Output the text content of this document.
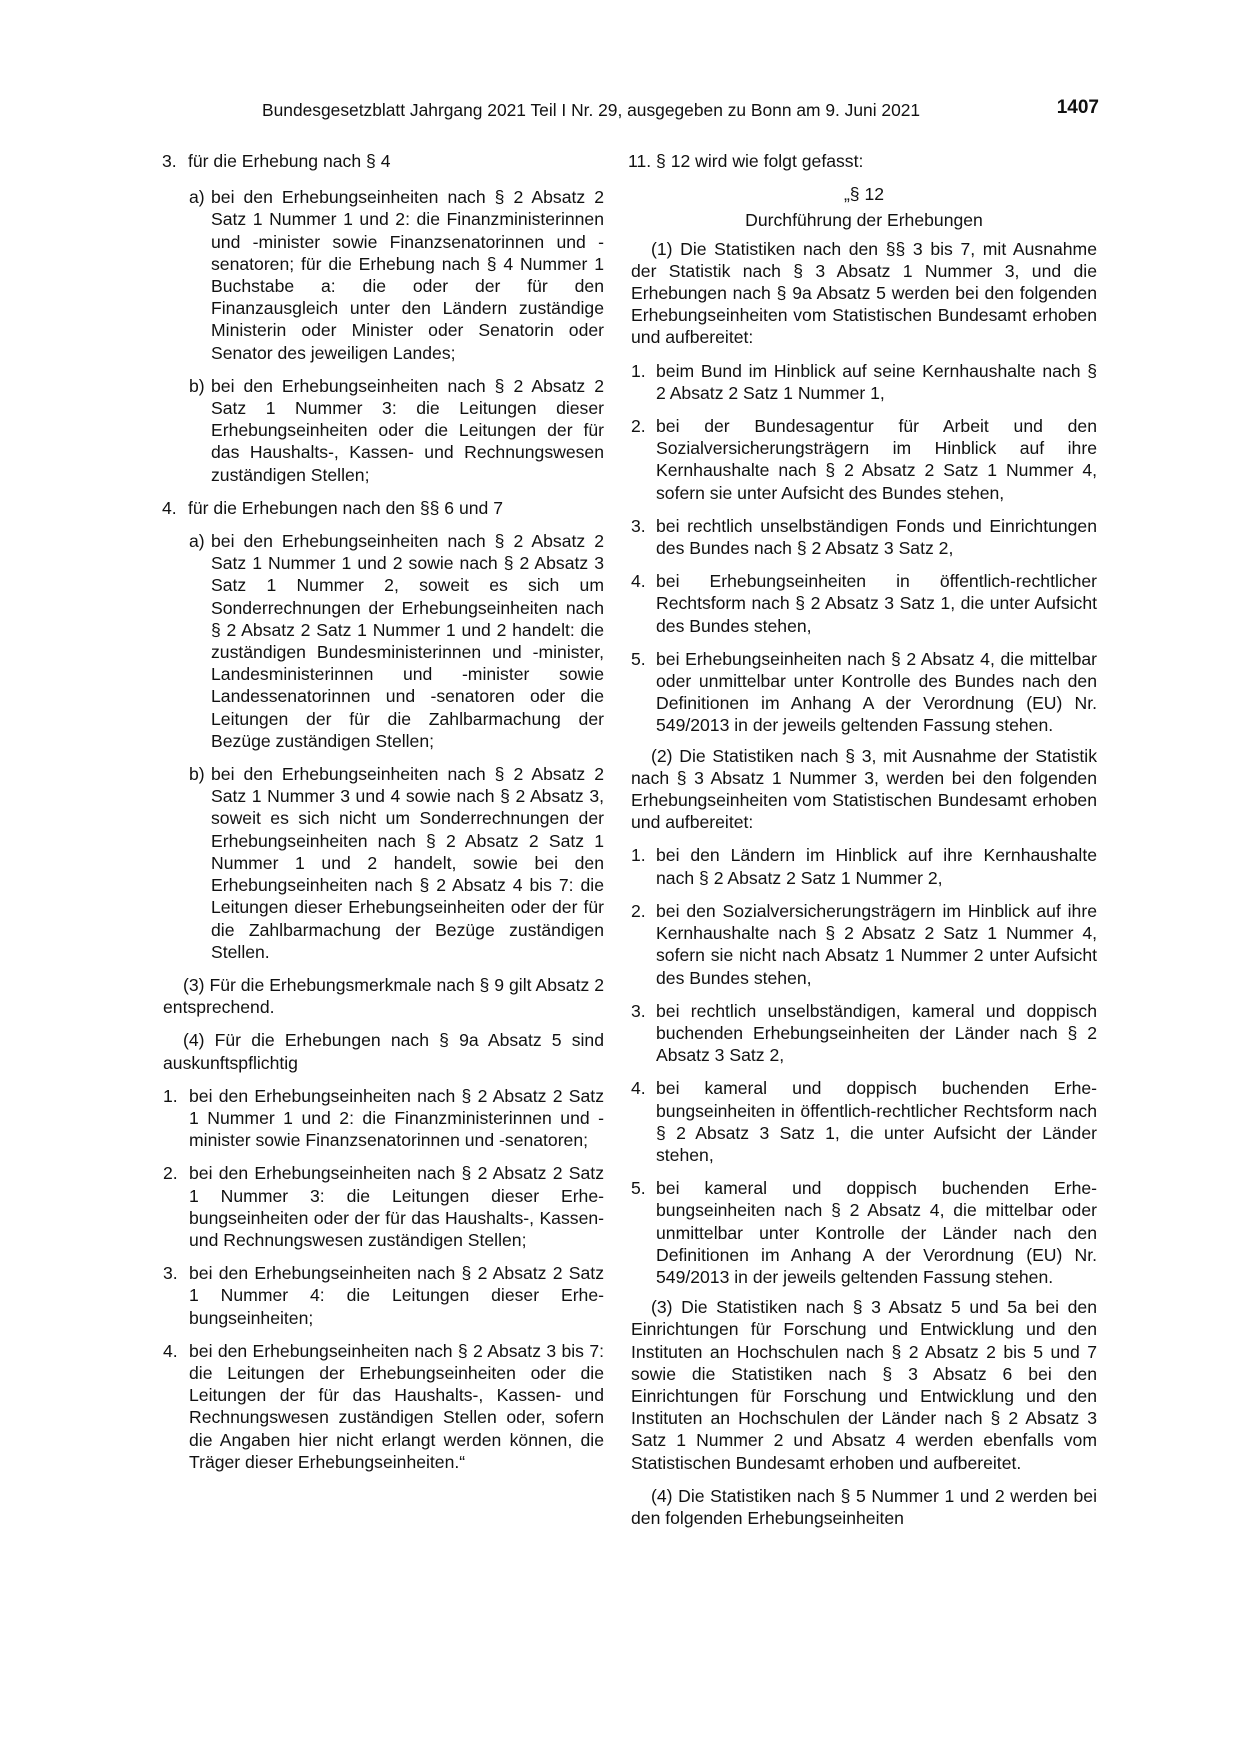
Bundesgesetzblatt Jahrgang 2021 Teil I Nr. 29, ausgegeben zu Bonn am 9. Juni 2021	1407
3. für die Erhebung nach § 4
a) bei den Erhebungseinheiten nach § 2 Absatz 2 Satz 1 Nummer 1 und 2: die Finanzministerinnen und -minister sowie Finanzsenatorinnen und -senatoren; für die Erhebung nach § 4 Nummer 1 Buchstabe a: die oder der für den Finanzausgleich unter den Ländern zuständige Ministerin oder Minister oder Senatorin oder Senator des jeweiligen Landes;
b) bei den Erhebungseinheiten nach § 2 Absatz 2 Satz 1 Nummer 3: die Leitungen dieser Erhebungseinheiten oder die Leitungen der für das Haushalts-, Kassen- und Rechnungswesen zuständigen Stellen;
4. für die Erhebungen nach den §§ 6 und 7
a) bei den Erhebungseinheiten nach § 2 Absatz 2 Satz 1 Nummer 1 und 2 sowie nach § 2 Absatz 3 Satz 1 Nummer 2, soweit es sich um Sonderrechnungen der Erhebungseinheiten nach § 2 Absatz 2 Satz 1 Nummer 1 und 2 handelt: die zuständigen Bundesministerinnen und -minister, Landesministerinnen und -minister sowie Landessenatorinnen und -senatoren oder die Leitungen der für die Zahlbarmachung der Bezüge zuständigen Stellen;
b) bei den Erhebungseinheiten nach § 2 Absatz 2 Satz 1 Nummer 3 und 4 sowie nach § 2 Absatz 3, soweit es sich nicht um Sonderrechnungen der Erhebungseinheiten nach § 2 Absatz 2 Satz 1 Nummer 1 und 2 handelt, sowie bei den Erhebungseinheiten nach § 2 Absatz 4 bis 7: die Leitungen dieser Erhebungseinheiten oder der für die Zahlbarmachung der Bezüge zuständigen Stellen.

(3) Für die Erhebungsmerkmale nach § 9 gilt Absatz 2 entsprechend.

(4) Für die Erhebungen nach § 9a Absatz 5 sind auskunftspflichtig

1. bei den Erhebungseinheiten nach § 2 Absatz 2 Satz 1 Nummer 1 und 2: die Finanzministerinnen und -minister sowie Finanzsenatorinnen und -senatoren;
2. bei den Erhebungseinheiten nach § 2 Absatz 2 Satz 1 Nummer 3: die Leitungen dieser Erhebungseinheiten oder der für das Haushalts-, Kassen- und Rechnungswesen zuständigen Stellen;
3. bei den Erhebungseinheiten nach § 2 Absatz 2 Satz 1 Nummer 4: die Leitungen dieser Erhebungseinheiten;
4. bei den Erhebungseinheiten nach § 2 Absatz 3 bis 7: die Leitungen der Erhebungseinheiten oder die Leitungen der für das Haushalts-, Kassen- und Rechnungswesen zuständigen Stellen oder, sofern die Angaben hier nicht erlangt werden können, die Träger dieser Erhebungseinheiten.“

11. § 12 wird wie folgt gefasst:

„§ 12

Durchführung der Erhebungen

(1) Die Statistiken nach den §§ 3 bis 7, mit Ausnahme der Statistik nach § 3 Absatz 1 Nummer 3, und die Erhebungen nach § 9a Absatz 5 werden bei den folgenden Erhebungseinheiten vom Statistischen Bundesamt erhoben und aufbereitet:

1. beim Bund im Hinblick auf seine Kernhaushalte nach § 2 Absatz 2 Satz 1 Nummer 1,
2. bei der Bundesagentur für Arbeit und den Sozialversicherungsträgern im Hinblick auf ihre Kernhaushalte nach § 2 Absatz 2 Satz 1 Nummer 4, sofern sie unter Aufsicht des Bundes stehen,
3. bei rechtlich unselbständigen Fonds und Einrichtungen des Bundes nach § 2 Absatz 3 Satz 2,
4. bei Erhebungseinheiten in öffentlich-rechtlicher Rechtsform nach § 2 Absatz 3 Satz 1, die unter Aufsicht des Bundes stehen,
5. bei Erhebungseinheiten nach § 2 Absatz 4, die mittelbar oder unmittelbar unter Kontrolle des Bundes nach den Definitionen im Anhang A der Verordnung (EU) Nr. 549/2013 in der jeweils geltenden Fassung stehen.

(2) Die Statistiken nach § 3, mit Ausnahme der Statistik nach § 3 Absatz 1 Nummer 3, werden bei den folgenden Erhebungseinheiten vom Statistischen Bundesamt erhoben und aufbereitet:

1. bei den Ländern im Hinblick auf ihre Kernhaushalte nach § 2 Absatz 2 Satz 1 Nummer 2,
2. bei den Sozialversicherungsträgern im Hinblick auf ihre Kernhaushalte nach § 2 Absatz 2 Satz 1 Nummer 4, sofern sie nicht nach Absatz 1 Nummer 2 unter Aufsicht des Bundes stehen,
3. bei rechtlich unselbständigen, kameral und doppisch buchenden Erhebungseinheiten der Länder nach § 2 Absatz 3 Satz 2,
4. bei kameral und doppisch buchenden Erhebungseinheiten in öffentlich-rechtlicher Rechtsform nach § 2 Absatz 3 Satz 1, die unter Aufsicht der Länder stehen,
5. bei kameral und doppisch buchenden Erhebungseinheiten nach § 2 Absatz 4, die mittelbar oder unmittelbar unter Kontrolle der Länder nach den Definitionen im Anhang A der Verordnung (EU) Nr. 549/2013 in der jeweils geltenden Fassung stehen.

(3) Die Statistiken nach § 3 Absatz 5 und 5a bei den Einrichtungen für Forschung und Entwicklung und den Instituten an Hochschulen nach § 2 Absatz 2 bis 5 und 7 sowie die Statistiken nach § 3 Absatz 6 bei den Einrichtungen für Forschung und Entwicklung und den Instituten an Hochschulen der Länder nach § 2 Absatz 3 Satz 1 Nummer 2 und Absatz 4 werden ebenfalls vom Statistischen Bundesamt erhoben und aufbereitet.

(4) Die Statistiken nach § 5 Nummer 1 und 2 werden bei den folgenden Erhebungseinheiten
